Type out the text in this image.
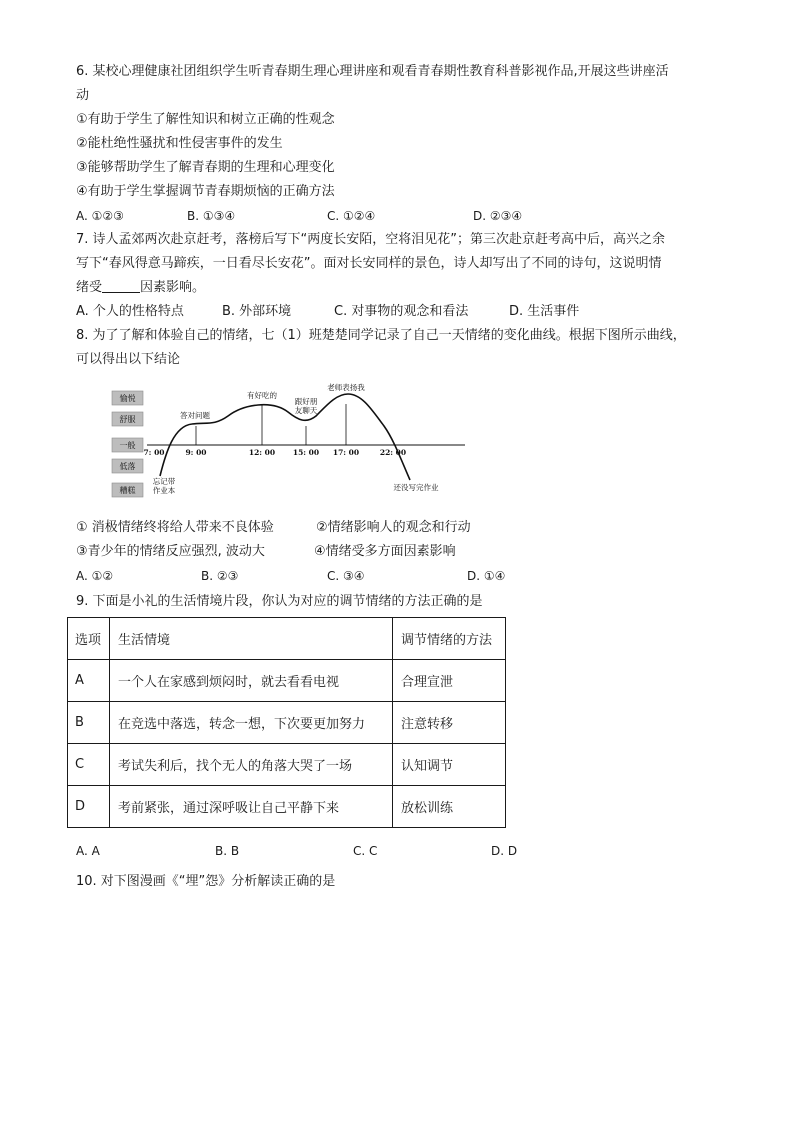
6. 某校心理健康社团组织学生听青春期生理心理讲座和观看青春期性教育科普影视作品,开展这些讲座活
动
①有助于学生了解性知识和树立正确的性观念
②能杜绝性骚扰和性侵害事件的发生
③能够帮助学生了解青春期的生理和心理变化
④有助于学生掌握调节青春期烦恼的正确方法
A. ①②③	B. ①③④	C. ①②④	D. ②③④
7. 诗人孟郊两次赴京赶考，落榜后写下“两度长安陌，空将泪见花”；第三次赴京赶考高中后，高兴之余
写下“春风得意马蹄疾，一日看尽长安花”。面对长安同样的景色，诗人却写出了不同的诗句，这说明情
绪受	因素影响。
A. 个人的性格特点	B. 外部环境	C. 对事物的观念和看法	D. 生活事件
8. 为了了解和体验自己的情绪，七（1）班楚楚同学记录了自己一天情绪的变化曲线。根据下图所示曲线，
可以得出以下结论
愉悦
舒服
一般
低落
糟糕
7: 00	9: 00	12: 00 15: 00 17: 00	22: 00
忘记带
作业本
答对问题
有好吃的
跟好朋
友聊天
老师表扬我
还没写完作业
① 消极情绪终将给人带来不良体验	②情绪影响人的观念和行动
③青少年的情绪反应强烈, 波动大	④情绪受多方面因素影响
A. ①②	B. ②③	C. ③④	D. ①④
9. 下面是小礼的生活情境片段，你认为对应的调节情绪的方法正确的是
选项	生活情境	调节情绪的方法
A	一个人在家感到烦闷时，就去看看电视	合理宣泄
B	在竞选中落选，转念一想，下次要更加努力	注意转移
C	考试失利后，找个无人的角落大哭了一场	认知调节
D	考前紧张，通过深呼吸让自己平静下来	放松训练
A. A	B. B	C. C	D. D
10. 对下图漫画《“埋”怨》分析解读正确的是
